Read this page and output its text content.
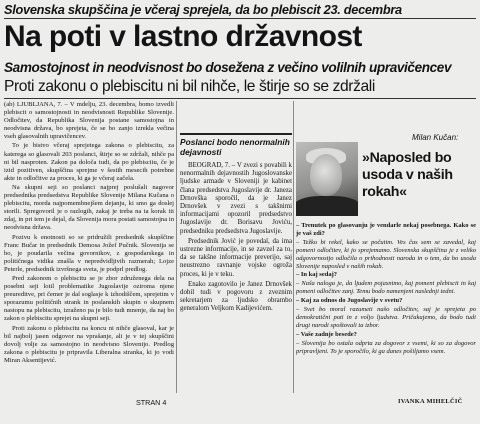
Slovenska skupščina je včeraj sprejela, da bo plebiscit 23. decembra
Na poti v lastno državnost
Samostojnost in neodvisnost bo dosežena z večino volilnih upravičencev
Proti zakonu o plebiscitu ni bil nihče, le štirje so se zdržali

(ab) LJUBLJANA, 7. – V mdelju, 23. decembra, bomo izvedli plebiscit o samostojnosti in neodvisnosti Republike Slovenije. Odločitev, da Republika Slovenija postane samostojna in neodvisna država, bo sprejeta, če se bo zanjo izrekla večina vseh glasovalnih upravičencev.

To je bistvo včeraj sprejetega zakona o plebiscitu, za katerega so glasovali 203 poslanci, štirje so se zdržali, nihče pa ni bil nasproten. Zakon pa določa tudi, da po plebiscitu, če je izid pozitiven, skupščina sprejme v šestih mesecih potrebne akte in odločitve za proces, ki ga je včeraj začela.

Na skupni seji so poslanci najprej poslušali nagovor predsednika predsedstva Republike Slovenije Milana Kučana o plebiscitu, morda najpomembnejšem dejanju, ki smo ga doslej storili. Spregovoril je o razlogih, zakaj je treba na ta korak iti zdaj, in pri tem je dejal, da Slovenija mora postati samostojna in neodvisna država.

Pozivu k enotnosti so se pridružili predsednik skupščine Franc Bučar in predsednik Demosa Jožef Pučnik. Slovenija se bo, je poudarila večina govornikov, z gospodarskega in političnega vidika znašla v nepredvidljivih razmerah; Lojze Peterle, predsednik izvršnega sveta, je podprl predlog.

Pred zakonom o plebiscitu se je zbor združenega dela na posebni seji lotil problematike Jugoslavije oziroma njene preureditve, pri čemer je dal soglasje k izhodiščem, sprejetim v sporazumu političnih strank in poslanskih skupin o skupnem nastopu na plebiscitu, izraženo pa je bilo tudi mnenje, da naj bo zakon o plebiscitu sprejet na skupni seji.

Proti zakonu o plebiscitu na koncu ni nihče glasoval, kar je bil najbolj jasen odgovor na vprašanje, ali je v tej skupščini dovolj volje za samostojno in neodvisno Slovenijo. Predlog zakona o plebiscitu je pripravila Liberalna stranka, ki jo vodi Miran Aksentijević.

Poslanci bodo nenormalnih dejavnosti

BEOGRAD, 7. – V zvezi s povabili k nenormalnih dejavnostih Jugoslovanske ljudske armade v Sloveniji je kabinet člana predsedstva Jugoslavije dr. Janeza Drnovška sporočil, da je Janez Drnovšek v zvezi s takšnimi informacijami opozoril predsedstvo Jugoslavije dr. Borisavu Joviću, predsedniku predsedstva Jugoslavije.

Predsednik Jović je povedal, da ima ustrezne informacije, in se zavzel za to, da se takšne informacije preverijo, saj neustrezno ravnanje vojske ogroža proces, ki je v teku.

Enako zagotovilo je Janez Drnovšek dobil tudi v pogovoru z zveznim sekretarjem za ljudsko obrambo generalom Veljkom Kadijevićem.

Milan Kučan:
»Naposled bo usoda v naših rokah«

– Trenutek po glasovanju je vendarle nekaj posebnega. Kako se je vaš zdi?

– Težko bi rekel, kako se počutim. Ves čas sem se zavedal, kaj pomeni odločitev, ki jo sprejemamo. Slovenska skupščina je z veliko odgovornostjo odločila o prihodnosti naroda in o tem, da bo usoda Slovenije naposled v naših rokah.

– In kaj sedaj?

– Naša naloga je, da ljudem pojasnimo, kaj pomeni plebiscit in kaj pomeni odločitev zanj. Temu bodo namenjeni naslednji tedni.

– Kaj za odnos do Jugoslavije v svetu?

– Svet bo moral razumeti našo odločitev, saj je sprejeta po demokratični poti in z voljo ljudstva. Pričakujemo, da bodo tudi drugi narodi spoštovali ta izbor.

– Vaše zadnje besede?

– Slovenija bo ostala odprta za dogovor z vsemi, ki so za dogovor pripravljeni. To je sporočilo, ki ga danes pošiljamo vsem.

IVANKA MIHELČIČ
STRAN 4
